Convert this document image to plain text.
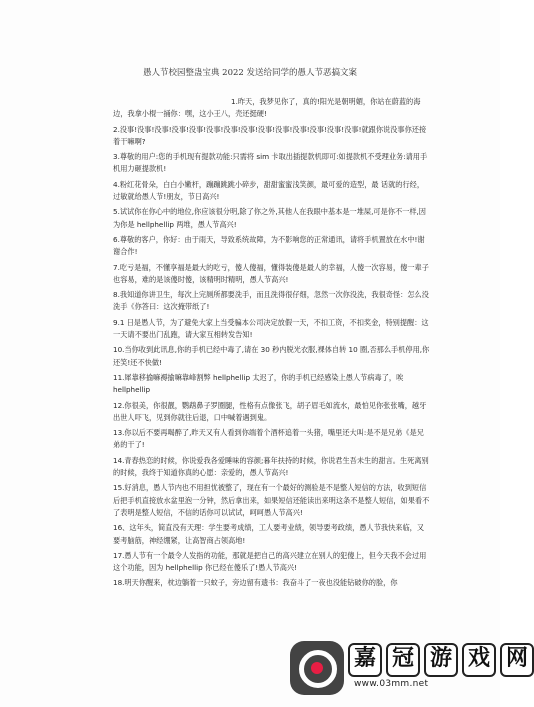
愚人节校园整蛊宝典 2022 发送给同学的愚人节恶搞文案

1.昨天，我梦见你了，真的!阳光是朝明媚，你站在蔚蓝的海边，我拿小棍一捅你：嘿，这小王八，壳还挺硬!

2.没事!没事!没事!没事!没事!没事!没事!没事!没事!没事!没事!没事!没事!没事!就跟你说没事你还接着干嘛啊?

3.尊敬的用户:您的手机现有提款功能:只需将 sim 卡取出插提款机即可:如提款机不受理业务:请用手机用力砸提款机!

4.粉红花骨朵，白白小嫩杆，蹦蹦跳跳小碎步，甜甜蜜蜜浅笑颜，最可爱的造型，最 话就的行经，过敏就给愚人节!朋友，节日高兴!

5.试试你在你心中的地位,你应该很分明,除了你之外,其他人在我眼中基本是一堆屎,可是你不一样,因为你是 hellphellip 两堆，愚人节高兴!

6.尊敬的客户，你好：由于雨天，导致系统故障，为不影响您的正常通讯，请将手机置放在水中!谢谢合作!

7.吃亏是福，不懂享福是最大的吃亏，傻人傻福，懂得装傻是最人的幸福，人傻一次容易，傻一辈子也容易，难的是该傻时傻，该精明时精明，愚人节高兴!

8.我知道你讲卫生，每次上完厕所都要洗手，而且洗得很仔细，忽然一次你没洗，我很奇怪：怎么没洗手《你答曰：这次掩带纸了!

9.1 日是愚人节，为了避免大家上当受骗本公司决定放假一天，不扣工资，不扣奖金，特别提醒：这一天请不要出门乱跑，请大家互相转发告知!

10.当你收到此讯息,你的手机已经中毒了,请在 30 秒内脱光衣服,裸体自转 10 圈,否那么手机停用,你还笑!还不快做!

11.犀靠移揄嘛褥揄嘛靠峰割弊 hellphellip 太迟了，你的手机已经感染上愚人节病毒了，唉 hellphellip

12.你很美，你很靓，鹦鹉鼻子罗圈腿，性格有点像张飞，胡子眉毛如流水，最怕见你张张嘴，越牙出世人吓飞，见到你就往后退，口中喊着遇到鬼。

13.你以后不要再喝醉了,昨天又有人看到你端着个酒杯追着一头猪，嘴里还大叫:是不是兄弟《是兄弟的干了!

14.青春热恋的时候，你说爱我各爱睡味的容颜;暮年扶持的时候，你说君生吾未生的甜言。生死离别的时候，我终于知道你真的心愿：亲爱的，愚人节高兴!

15.好消息，愚人节内也不用担忧被整了，现在有一个最好的测验是不是整人短信的方法，收到短信后把手机直接放水盆里泡一分钟，然后拿出来，如果短信还能读出来明这条不是整人短信，如果看不了表明是整人短信，不信的话你可以试试，呵呵愚人节高兴!

16、这年头，简直没有天理：学生要考成绩，工人要考业绩，领导要考政绩，愚人节我快来临，又要考脑筋，神经绷紧，让高智商占领高地!

17.愚人节有一个最令人发指的功能，那就是把自己的高兴建立在别人的犯傻上，但今天我不会过用这个功能，因为 hellphellip 你已经在傻乐了!愚人节高兴!

18.明天你醒来，枕边躺着一只蚊子，旁边留有遗书：我奋斗了一夜也没能钻破你的脸，你

嘉 冠 游 戏 网
www.03mm.net
